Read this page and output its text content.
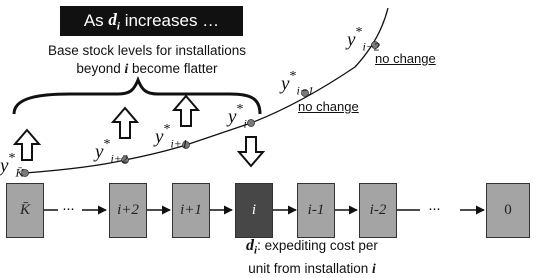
As
$d_i$
increases …
Base stock levels for installations
beyond i become flatter
no change
no change
$y^*_{K̄}$
$y^*_{i+2}$
$y^*_{i+1}$
$y^*_i$
$y^*_{i-1}$
$y^*_{i-2}$
K̄	i+2	i+1	i	i-1	i-2	0
···	···
$d_i$: expediting cost per
unit from installation i
